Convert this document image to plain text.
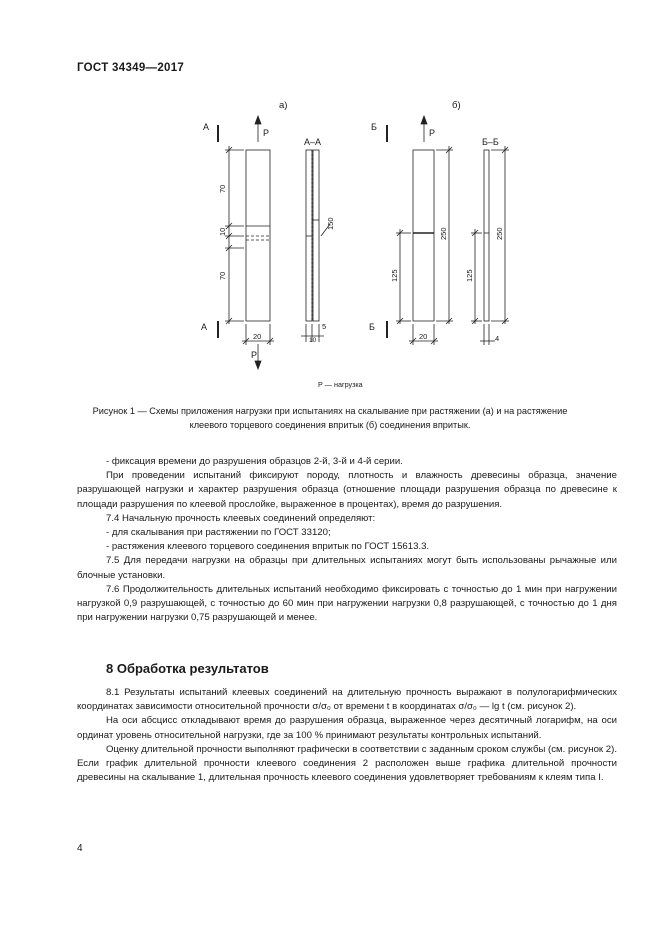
ГОСТ 34349—2017
а)	б)
А
А
Р
Р
А–А
70
10
70
150
20
5
10
Б
Б
Р
Б–Б
125
250
20
125
250
4
Р — нагрузка
Рисунок 1 — Схемы приложения нагрузки при испытаниях на скалывание при растяжении (а) и на растяжение клеевого торцевого соединения впритык (б) соединения впритык.

- фиксация времени до разрушения образцов 2-й, 3-й и 4-й серии.

При проведении испытаний фиксируют породу, плотность и влажность древесины образца, значение разрушающей нагрузки и характер разрушения образца (отношение площади разрушения образца по древесине к площади разрушения по клеевой прослойке, выраженное в процентах), время до разрушения.

7.4 Начальную прочность клеевых соединений определяют:

- для скалывания при растяжении по ГОСТ 33120;

- растяжения клеевого торцевого соединения впритык по ГОСТ 15613.3.

7.5 Для передачи нагрузки на образцы при длительных испытаниях могут быть использованы рычажные или блочные установки.

7.6 Продолжительность длительных испытаний необходимо фиксировать с точностью до 1 мин при нагружении нагрузкой 0,9 разрушающей, с точностью до 60 мин при нагружении нагрузки 0,8 разрушающей, с точностью до 1 дня при нагружении нагрузки 0,75 разрушающей и менее.

8 Обработка результатов

8.1 Результаты испытаний клеевых соединений на длительную прочность выражают в полулогарифмических координатах зависимости относительной прочности σ/σ₀ от времени t в координатах σ/σ₀ — lg t (см. рисунок 2).

На оси абсцисс откладывают время до разрушения образца, выраженное через десятичный логарифм, на оси ординат уровень относительной нагрузки, где за 100 % принимают результаты контрольных испытаний.

Оценку длительной прочности выполняют графически в соответствии с заданным сроком службы (см. рисунок 2). Если график длительной прочности клеевого соединения 2 расположен выше графика длительной прочности древесины на скалывание 1, длительная прочность клеевого соединения удовлетворяет требованиям к клеям типа I.

4
